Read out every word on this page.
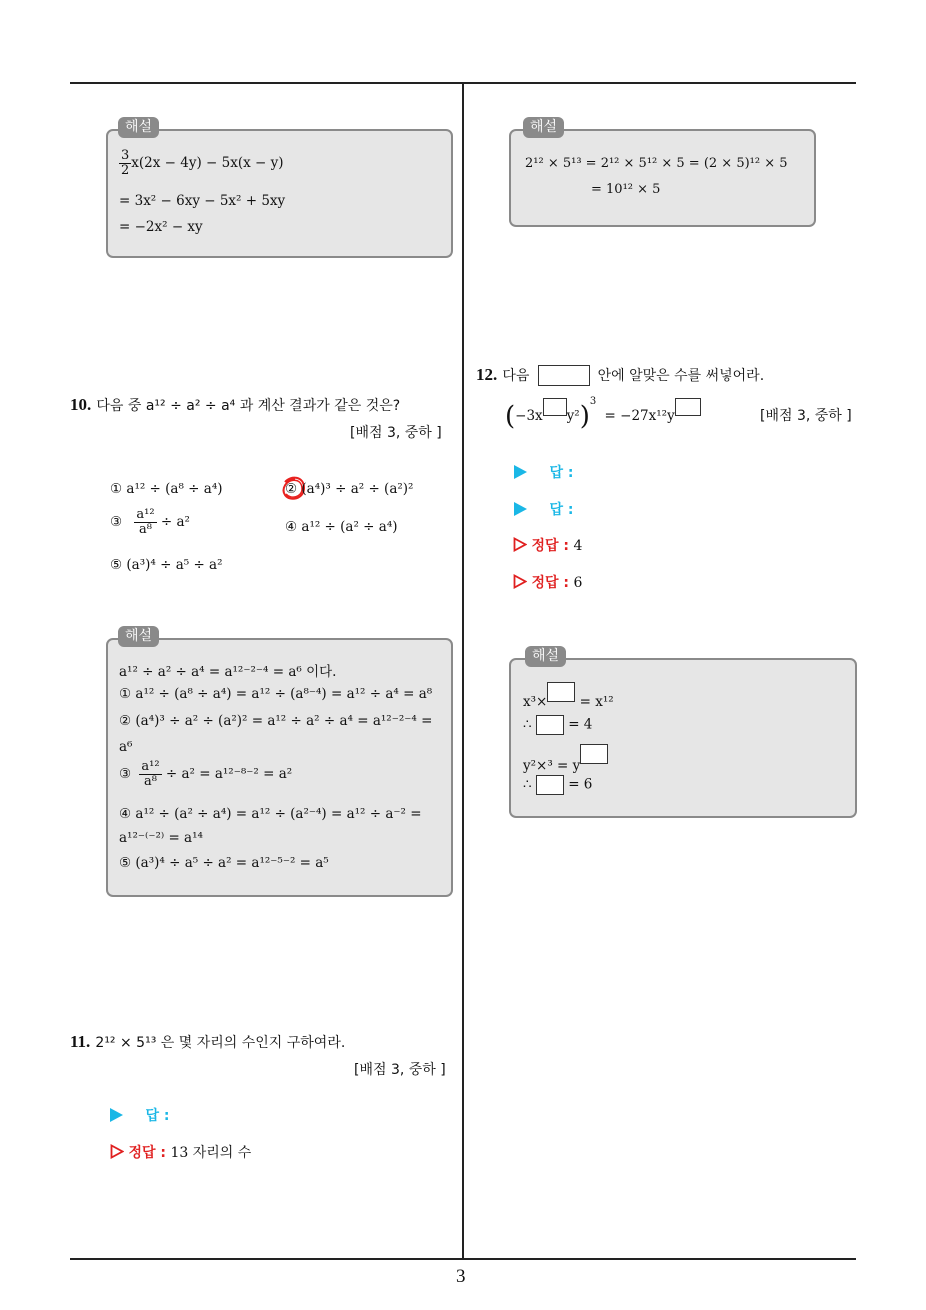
$\frac{3}{2} x(2x - 4y) - 5x(x - y)$
= 3x² − 6xy − 5x² + 5xy
= −2x² − xy
해설
10. 다음 중 a¹² ÷ a² ÷ a⁴ 과 계산 결과가 같은 것은?
[배점 3, 중하 ]
① a¹² ÷ (a⁸ ÷ a⁴)	② (a⁴)³ ÷ a² ÷ (a²)²
③ $\frac{\text{a¹²}}{\text{a⁸}} \div a^2$	④ a¹² ÷ (a² ÷ a⁴)
⑤ (a³)⁴ ÷ a⁵ ÷ a²
a¹² ÷ a² ÷ a⁴ = a¹²⁻²⁻⁴ = a⁶ 이다.
① a¹² ÷ (a⁸ ÷ a⁴) = a¹² ÷ (a⁸⁻⁴) = a¹² ÷ a⁴ = a⁸
② (a⁴)³ ÷ a² ÷ (a²)² = a¹² ÷ a² ÷ a⁴ = a¹²⁻²⁻⁴ =
a⁶
③ $\frac{\text{a¹²}}{\text{a⁸}} \div a^2 = a^{12-8-2} = a^2$
④ a¹² ÷ (a² ÷ a⁴) = a¹² ÷ (a²⁻⁴) = a¹² ÷ a⁻² =
a¹²⁻⁽⁻²⁾ = a¹⁴
⑤ (a³)⁴ ÷ a⁵ ÷ a² = a¹²⁻⁵⁻² = a⁵
해설
11. 2¹² × 5¹³ 은 몇 자리의 수인지 구하여라.
[배점 3, 중하 ]
답 :
정답 : 13 자리의 수
2¹² × 5¹³ = 2¹² × 5¹² × 5 = (2 × 5)¹² × 5
= 10¹² × 5
해설
12. 다음	안에 알맞은 수를 써넣어라.
(−3x y²)$^3$ = −27x¹²y	[배점 3, 중하 ]
답 :
답 :
정답 : 4
정답 : 6
x³× = x¹²
∴	= 4
y²×³ = y
∴	= 6
해설
3
